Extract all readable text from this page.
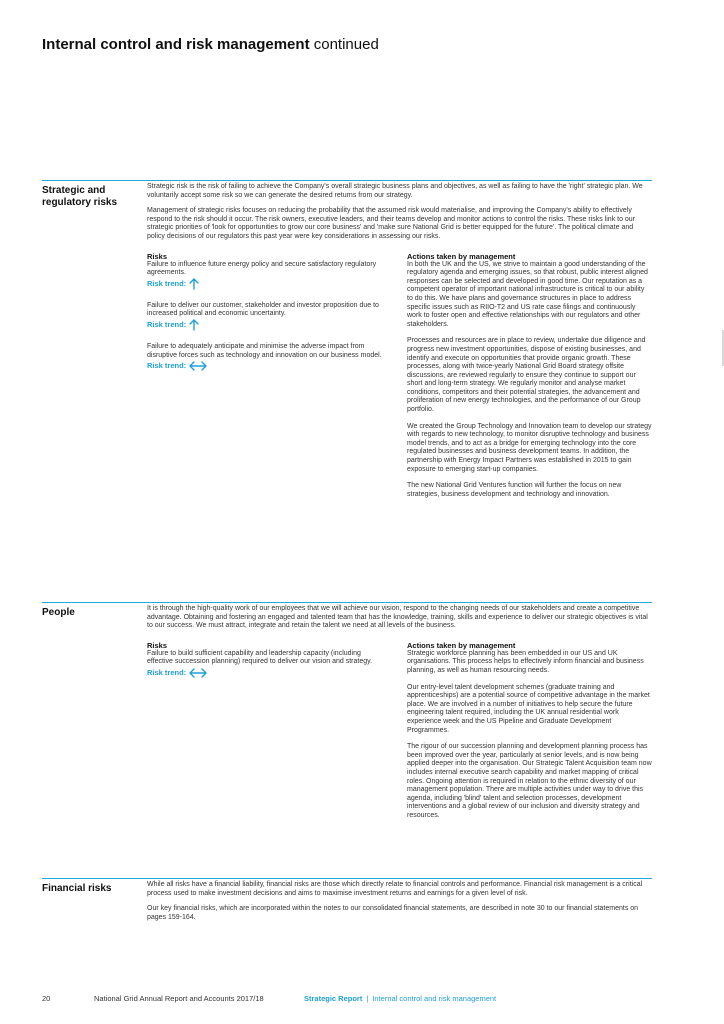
Internal control and risk management continued
Strategic and regulatory risks

Strategic risk is the risk of failing to achieve the Company's overall strategic business plans and objectives, as well as failing to have the 'right' strategic plan. We voluntarily accept some risk so we can generate the desired returns from our strategy.

Management of strategic risks focuses on reducing the probability that the assumed risk would materialise, and improving the Company's ability to effectively respond to the risk should it occur. The risk owners, executive leaders, and their teams develop and monitor actions to control the risks. These risks link to our strategic priorities of 'look for opportunities to grow our core business' and 'make sure National Grid is better equipped for the future'. The political climate and policy decisions of our regulators this past year were key considerations in assessing our risks.

Risks
Failure to influence future energy policy and secure satisfactory regulatory agreements.
Risk trend:
Failure to deliver our customer, stakeholder and investor proposition due to increased political and economic uncertainty.
Risk trend:
Failure to adequately anticipate and minimise the adverse impact from disruptive forces such as technology and innovation on our business model.
Risk trend:
Actions taken by management

In both the UK and the US, we strive to maintain a good understanding of the regulatory agenda and emerging issues, so that robust, public interest aligned responses can be selected and developed in good time. Our reputation as a competent operator of important national infrastructure is critical to our ability to do this. We have plans and governance structures in place to address specific issues such as RIIO-T2 and US rate case filings and continuously work to foster open and effective relationships with our regulators and other stakeholders.

Processes and resources are in place to review, undertake due diligence and progress new investment opportunities, dispose of existing businesses, and identify and execute on opportunities that provide organic growth. These processes, along with twice-yearly National Grid Board strategy offsite discussions, are reviewed regularly to ensure they continue to support our short and long-term strategy. We regularly monitor and analyse market conditions, competitors and their potential strategies, the advancement and proliferation of new energy technologies, and the performance of our Group portfolio.

We created the Group Technology and Innovation team to develop our strategy with regards to new technology, to monitor disruptive technology and business model trends, and to act as a bridge for emerging technology into the core regulated businesses and business development teams. In addition, the partnership with Energy Impact Partners was established in 2015 to gain exposure to emerging start-up companies.

The new National Grid Ventures function will further the focus on new strategies, business development and technology and innovation.

People	It is through the high-quality work of our employees that we will achieve our vision, respond to the changing needs of our stakeholders and create a competitive advantage. Obtaining and fostering an engaged and talented team that has the knowledge, training, skills and experience to deliver our strategic objectives is vital to our success. We must attract, integrate and retain the talent we need at all levels of the business.

Risks
Failure to build sufficient capability and leadership capacity (including effective succession planning) required to deliver our vision and strategy.
Risk trend:
Actions taken by management

Strategic workforce planning has been embedded in our US and UK organisations. This process helps to effectively inform financial and business planning, as well as human resourcing needs.

Our entry-level talent development schemes (graduate training and apprenticeships) are a potential source of competitive advantage in the market place. We are involved in a number of initiatives to help secure the future engineering talent required, including the UK annual residential work experience week and the US Pipeline and Graduate Development Programmes.

The rigour of our succession planning and development planning process has been improved over the year, particularly at senior levels, and is now being applied deeper into the organisation. Our Strategic Talent Acquisition team now includes internal executive search capability and market mapping of critical roles. Ongoing attention is required in relation to the ethnic diversity of our management population. There are multiple activities under way to drive this agenda, including 'blind' talent and selection processes, development interventions and a global review of our inclusion and diversity strategy and resources.

Financial risks	While all risks have a financial liability, financial risks are those which directly relate to financial controls and performance. Financial risk management is a critical process used to make investment decisions and aims to maximise investment returns and earnings for a given level of risk.

Our key financial risks, which are incorporated within the notes to our consolidated financial statements, are described in note 30 to our financial statements on pages 159-164.

20	National Grid Annual Report and Accounts 2017/18	Strategic Report | Internal control and risk management
